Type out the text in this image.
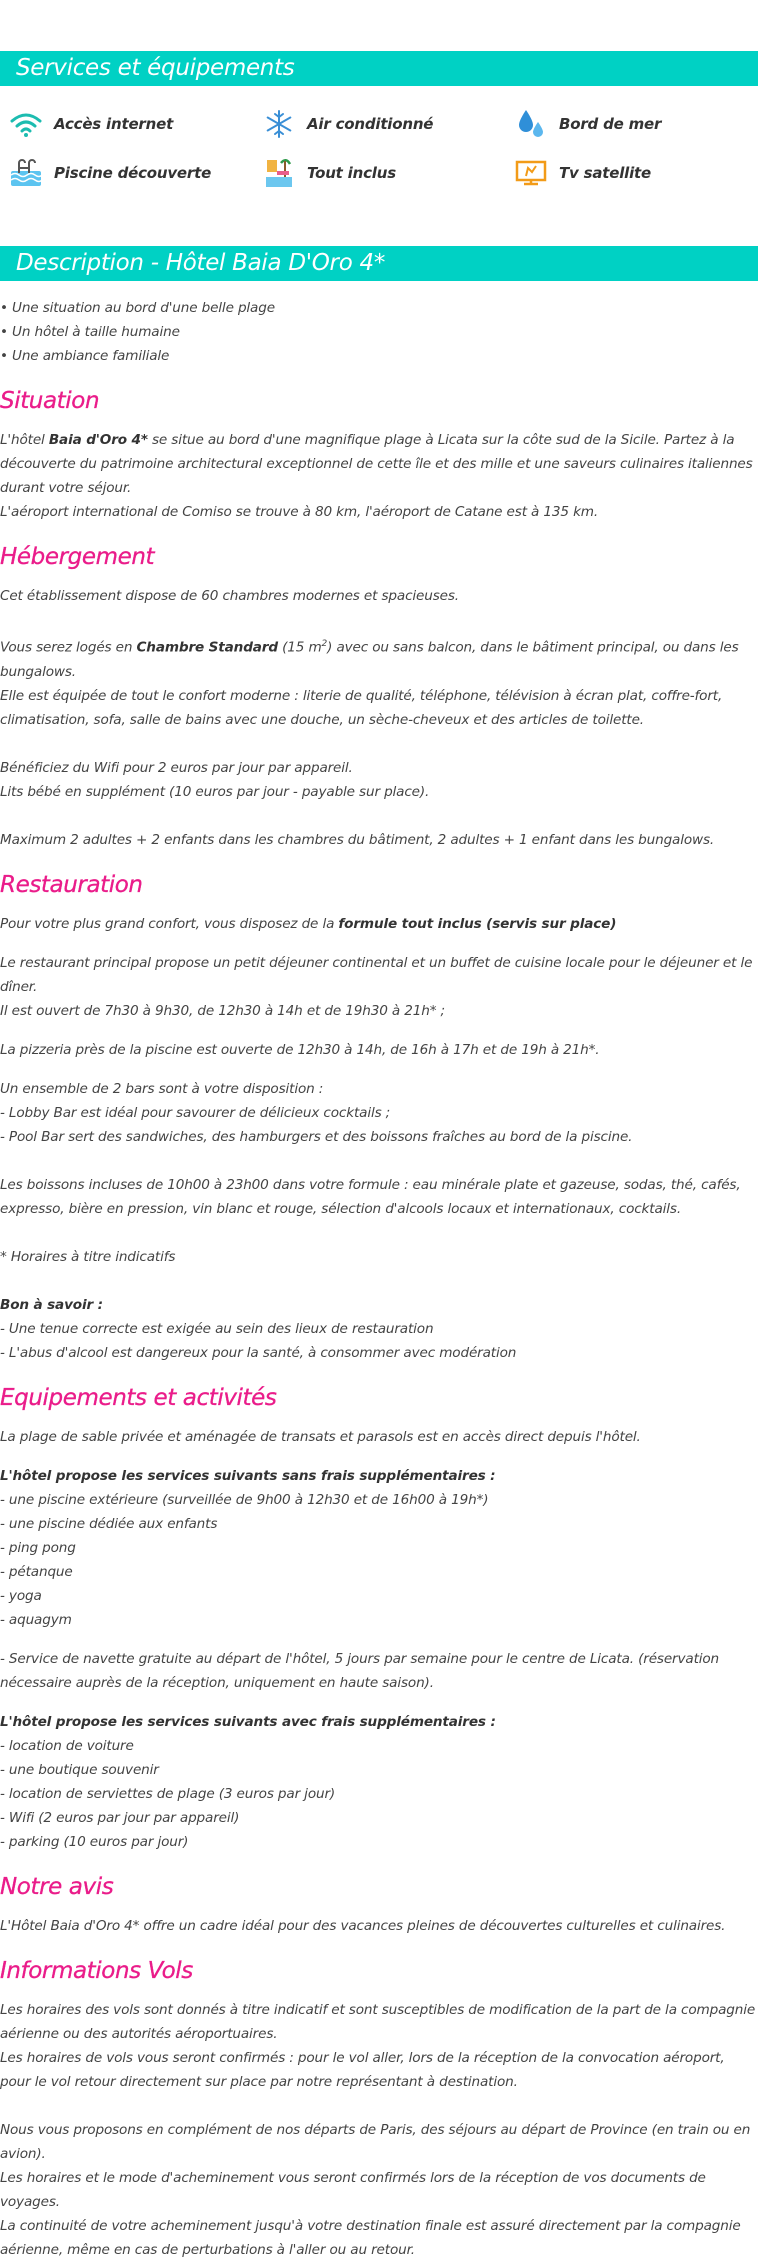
Services et équipements
Accès internet	Air conditionné	Bord de mer
Piscine découverte	Tout inclus	Tv satellite
Description - Hôtel Baia D'Oro 4*

• Une situation au bord d'une belle plage

• Un hôtel à taille humaine

• Une ambiance familiale

Situation

L'hôtel Baia d'Oro 4* se situe au bord d'une magnifique plage à Licata sur la côte sud de la Sicile. Partez à la découverte du patrimoine architectural exceptionnel de cette île et des mille et une saveurs culinaires italiennes durant votre séjour.

L'aéroport international de Comiso se trouve à 80 km, l'aéroport de Catane est à 135 km.

Hébergement

Cet établissement dispose de 60 chambres modernes et spacieuses.

Vous serez logés en Chambre Standard (15 $m^2$) avec ou sans balcon, dans le bâtiment principal, ou dans les bungalows.

Elle est équipée de tout le confort moderne : literie de qualité, téléphone, télévision à écran plat, coffre-fort, climatisation, sofa, salle de bains avec une douche, un sèche-cheveux et des articles de toilette.

Bénéficiez du Wifi pour 2 euros par jour par appareil.

Lits bébé en supplément (10 euros par jour - payable sur place).

Maximum 2 adultes + 2 enfants dans les chambres du bâtiment, 2 adultes + 1 enfant dans les bungalows.

Restauration

Pour votre plus grand confort, vous disposez de la formule tout inclus (servis sur place)

Le restaurant principal propose un petit déjeuner continental et un buffet de cuisine locale pour le déjeuner et le dîner.

Il est ouvert de 7h30 à 9h30, de 12h30 à 14h et de 19h30 à 21h* ;

La pizzeria près de la piscine est ouverte de 12h30 à 14h, de 16h à 17h et de 19h à 21h*.

Un ensemble de 2 bars sont à votre disposition :

- Lobby Bar est idéal pour savourer de délicieux cocktails ;

- Pool Bar sert des sandwiches, des hamburgers et des boissons fraîches au bord de la piscine.

Les boissons incluses de 10h00 à 23h00 dans votre formule : eau minérale plate et gazeuse, sodas, thé, cafés, expresso, bière en pression, vin blanc et rouge, sélection d'alcools locaux et internationaux, cocktails.

* Horaires à titre indicatifs

Bon à savoir :

- Une tenue correcte est exigée au sein des lieux de restauration

- L'abus d'alcool est dangereux pour la santé, à consommer avec modération

Equipements et activités

La plage de sable privée et aménagée de transats et parasols est en accès direct depuis l'hôtel.

L'hôtel propose les services suivants sans frais supplémentaires :

- une piscine extérieure (surveillée de 9h00 à 12h30 et de 16h00 à 19h*)

- une piscine dédiée aux enfants

- ping pong

- pétanque

- yoga

- aquagym

- Service de navette gratuite au départ de l'hôtel, 5 jours par semaine pour le centre de Licata. (réservation nécessaire auprès de la réception, uniquement en haute saison).

L'hôtel propose les services suivants avec frais supplémentaires :

- location de voiture

- une boutique souvenir

- location de serviettes de plage (3 euros par jour)

- Wifi (2 euros par jour par appareil)

- parking (10 euros par jour)

Notre avis

L'Hôtel Baia d'Oro 4* offre un cadre idéal pour des vacances pleines de découvertes culturelles et culinaires.

Informations Vols

Les horaires des vols sont donnés à titre indicatif et sont susceptibles de modification de la part de la compagnie aérienne ou des autorités aéroportuaires.

Les horaires de vols vous seront confirmés : pour le vol aller, lors de la réception de la convocation aéroport, pour le vol retour directement sur place par notre représentant à destination.

Nous vous proposons en complément de nos départs de Paris, des séjours au départ de Province (en train ou en avion).

Les horaires et le mode d'acheminement vous seront confirmés lors de la réception de vos documents de voyages.

La continuité de votre acheminement jusqu'à votre destination finale est assuré directement par la compagnie aérienne, même en cas de perturbations à l'aller ou au retour.
